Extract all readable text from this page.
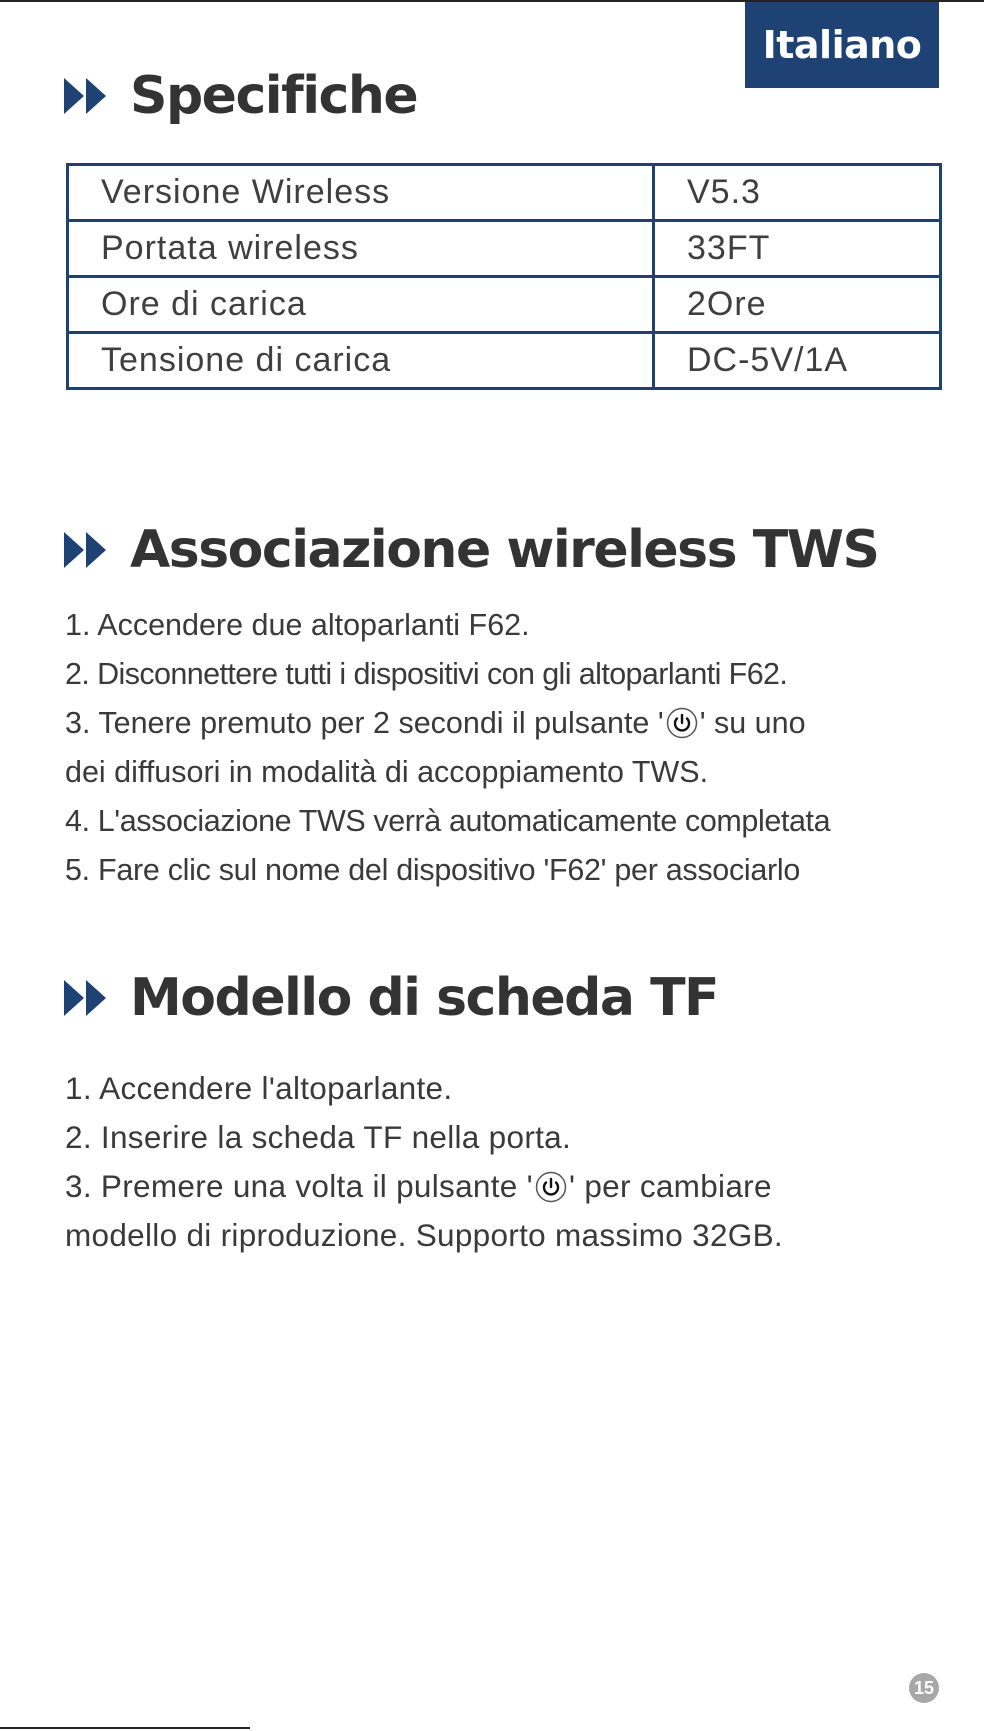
Italiano
Specifiche
Versione Wireless	V5.3
Portata wireless	33FT
Ore di carica	2Ore
Tensione di carica	DC-5V/1A
Associazione wireless TWS
1. Accendere due altoparlanti F62.
2. Disconnettere tutti i dispositivi con gli altoparlanti F62.
3. Tenere premuto per 2 secondi il pulsante ' ' su uno
dei diffusori in modalità di accoppiamento TWS.
4. L'associazione TWS verrà automaticamente completata
5. Fare clic sul nome del dispositivo 'F62' per associarlo
Modello di scheda TF
1. Accendere l'altoparlante.
2. Inserire la scheda TF nella porta.
3. Premere una volta il pulsante ' ' per cambiare
modello di riproduzione. Supporto massimo 32GB.
15
